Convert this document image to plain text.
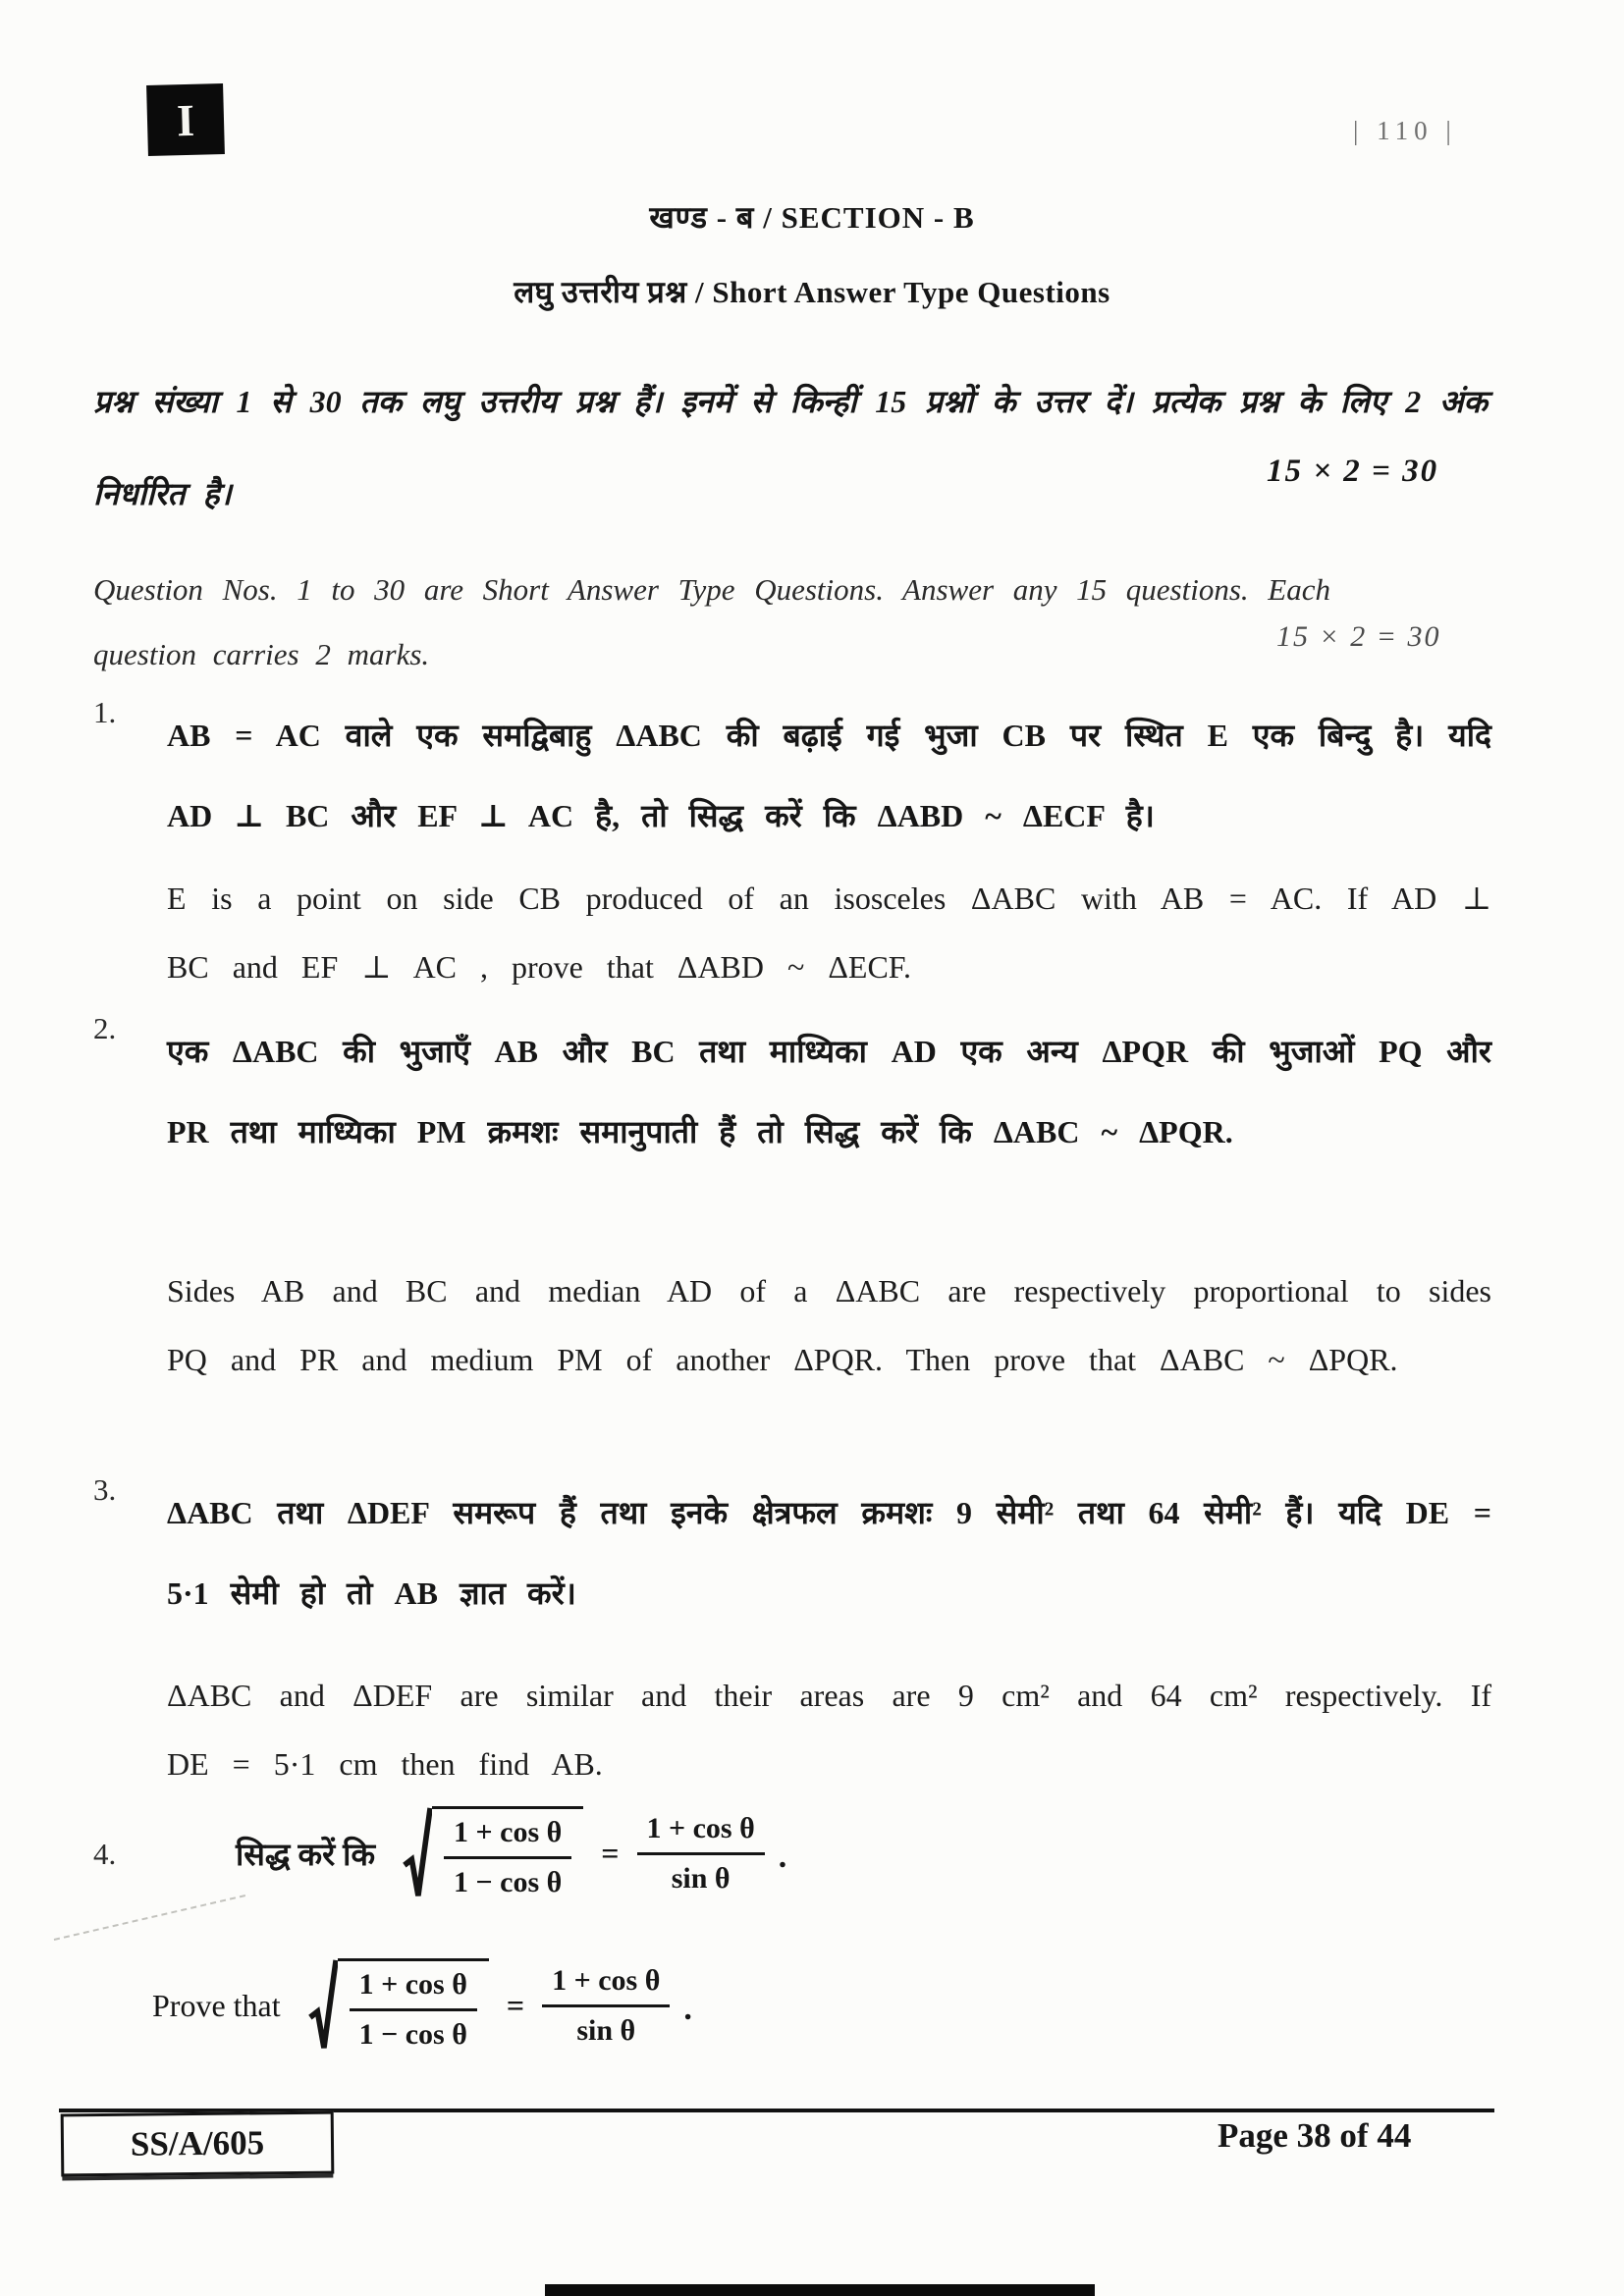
I	| 110 |
खण्ड - ब / SECTION - B
लघु उत्तरीय प्रश्न / Short Answer Type Questions
प्रश्न संख्या 1 से 30 तक लघु उत्तरीय प्रश्न हैं। इनमें से किन्हीं 15 प्रश्नों के उत्तर दें। प्रत्येक प्रश्न के लिए 2 अंक निर्धारित है।
15 × 2 = 30
Question Nos. 1 to 30 are Short Answer Type Questions. Answer any 15 questions. Each question carries 2 marks.
15 × 2 = 30
1.
AB = AC वाले एक समद्विबाहु ΔABC की बढ़ाई गई भुजा CB पर स्थित E एक बिन्दु है। यदि AD ⊥ BC और EF ⊥ AC है, तो सिद्ध करें कि ΔABD ~ ΔECF है।
E is a point on side CB produced of an isosceles ΔABC with AB = AC. If AD ⊥ BC and EF ⊥ AC , prove that ΔABD ~ ΔECF.
2.
एक ΔABC की भुजाएँ AB और BC तथा माध्यिका AD एक अन्य ΔPQR की भुजाओं PQ और PR तथा माध्यिका PM क्रमशः समानुपाती हैं तो सिद्ध करें कि ΔABC ~ ΔPQR.
Sides AB and BC and median AD of a ΔABC are respectively proportional to sides PQ and PR and medium PM of another ΔPQR. Then prove that ΔABC ~ ΔPQR.
3.
ΔABC तथा ΔDEF समरूप हैं तथा इनके क्षेत्रफल क्रमशः 9 सेमी² तथा 64 सेमी² हैं। यदि DE = 5·1 सेमी हो तो AB ज्ञात करें।
ΔABC and ΔDEF are similar and their areas are 9 cm² and 64 cm² respectively. If DE = 5·1 cm then find AB.
4.	सिद्ध करें कि $\frac{\text{1 + cos θ}}{\text{1 − cos θ}} = \frac{\text{1 + cos θ}}{\text{sin θ}}$ .
Prove that $\frac{\text{1 + cos θ}}{\text{1 − cos θ}} = \frac{\text{1 + cos θ}}{\text{sin θ}}$ .
SS/A/605	Page 38 of 44
